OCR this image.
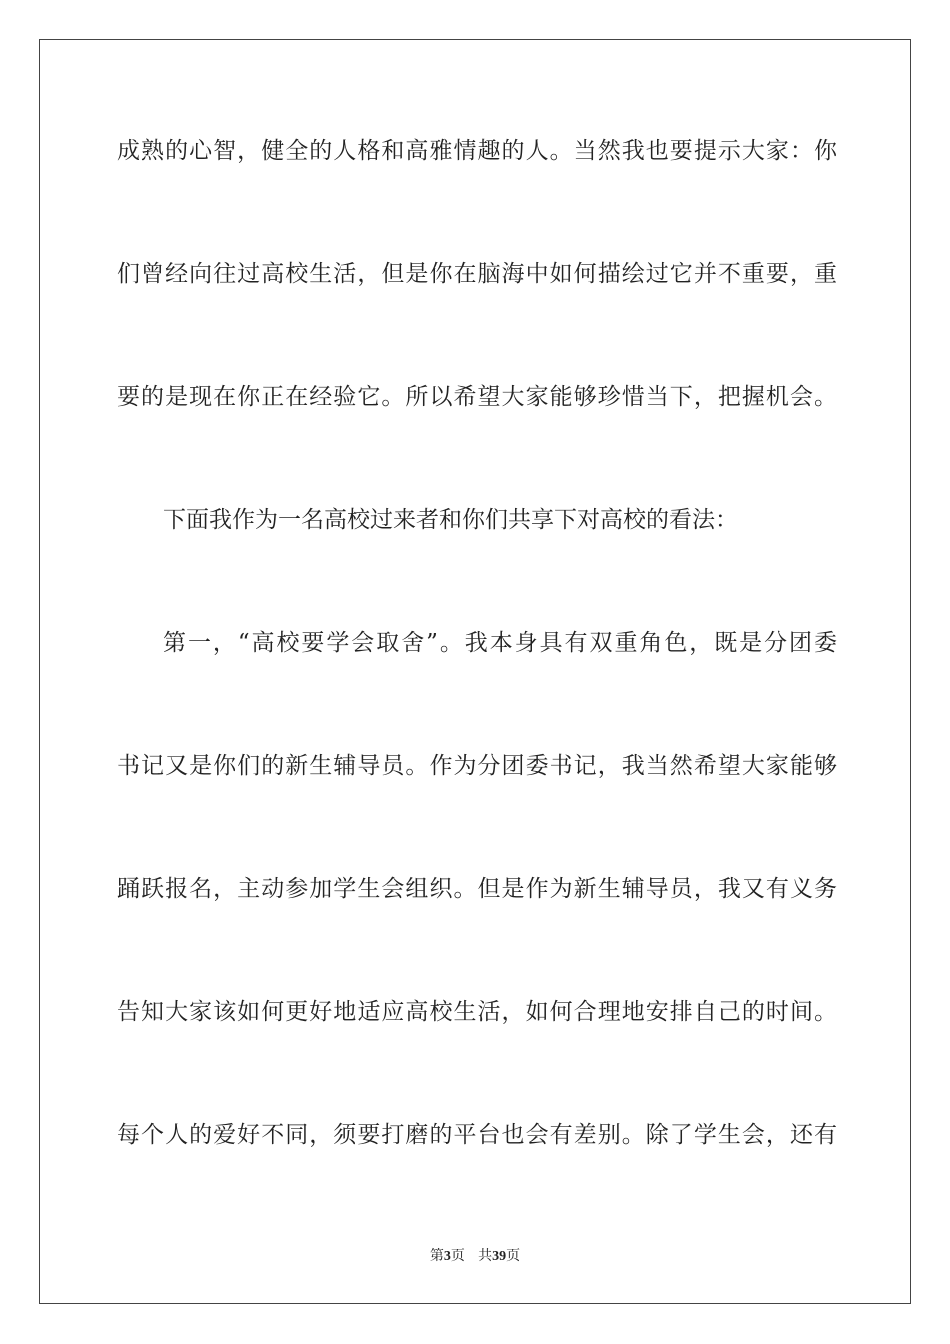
成熟的心智，健全的人格和高雅情趣的人。当然我也要提示大家：你

们曾经向往过高校生活，但是你在脑海中如何描绘过它并不重要，重

要的是现在你正在经验它。所以希望大家能够珍惜当下，把握机会。

下面我作为一名高校过来者和你们共享下对高校的看法：

第一，“高校要学会取舍”。我本身具有双重角色，既是分团委

书记又是你们的新生辅导员。作为分团委书记，我当然希望大家能够

踊跃报名，主动参加学生会组织。但是作为新生辅导员，我又有义务

告知大家该如何更好地适应高校生活，如何合理地安排自己的时间。

每个人的爱好不同，须要打磨的平台也会有差别。除了学生会，还有

第3页 共39页
